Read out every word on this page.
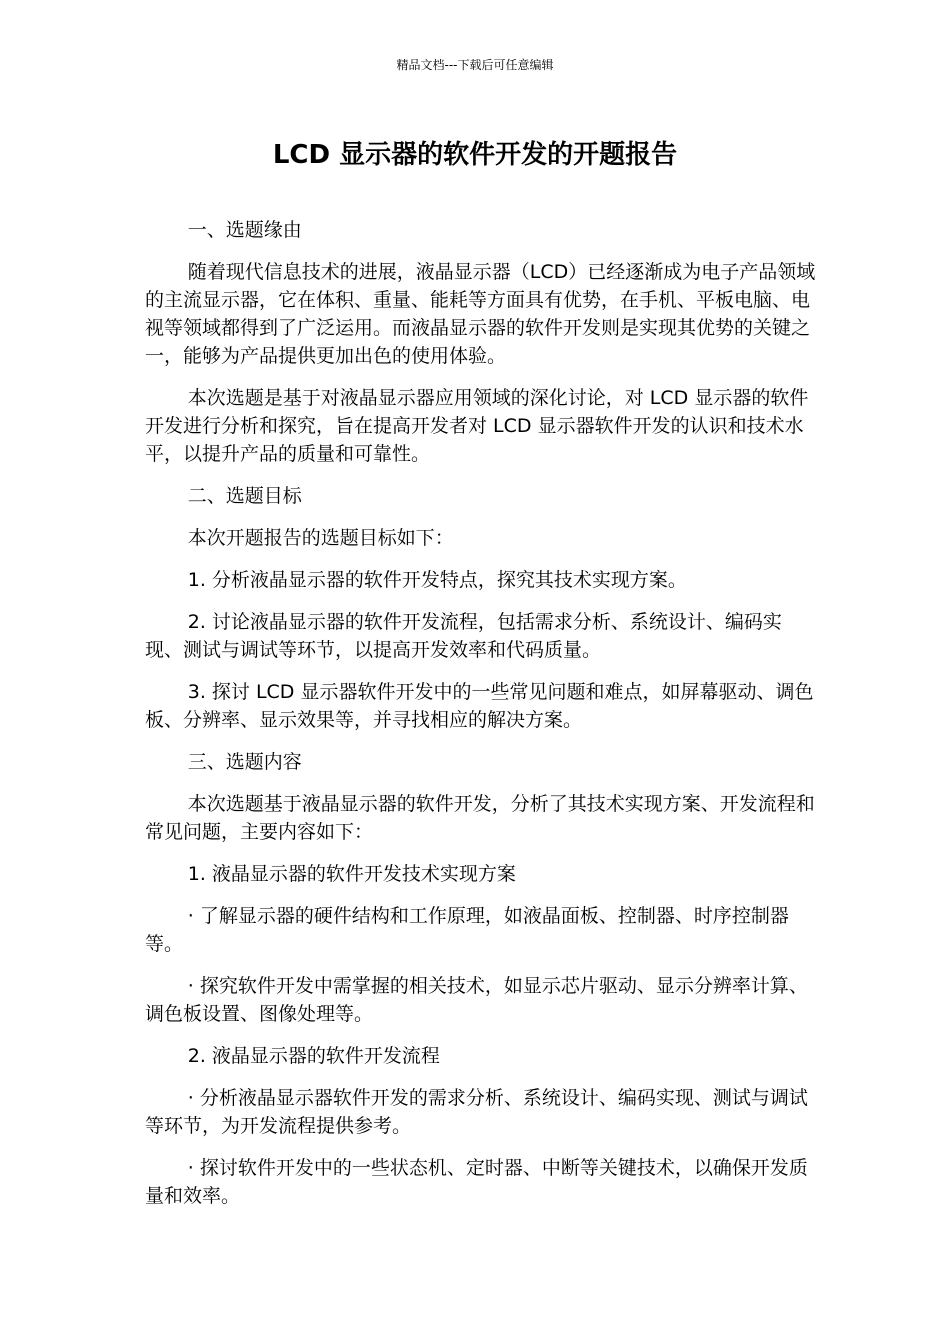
精品文档---下载后可任意编辑
LCD 显示器的软件开发的开题报告

一、选题缘由

随着现代信息技术的进展，液晶显示器（LCD）已经逐渐成为电子产品领域的主流显示器，它在体积、重量、能耗等方面具有优势，在手机、平板电脑、电视等领域都得到了广泛运用。而液晶显示器的软件开发则是实现其优势的关键之一，能够为产品提供更加出色的使用体验。

本次选题是基于对液晶显示器应用领域的深化讨论，对 LCD 显示器的软件开发进行分析和探究，旨在提高开发者对 LCD 显示器软件开发的认识和技术水平，以提升产品的质量和可靠性。

二、选题目标

本次开题报告的选题目标如下：

1. 分析液晶显示器的软件开发特点，探究其技术实现方案。

2. 讨论液晶显示器的软件开发流程，包括需求分析、系统设计、编码实现、测试与调试等环节，以提高开发效率和代码质量。

3. 探讨 LCD 显示器软件开发中的一些常见问题和难点，如屏幕驱动、调色板、分辨率、显示效果等，并寻找相应的解决方案。

三、选题内容

本次选题基于液晶显示器的软件开发，分析了其技术实现方案、开发流程和常见问题，主要内容如下：

1. 液晶显示器的软件开发技术实现方案

· 了解显示器的硬件结构和工作原理，如液晶面板、控制器、时序控制器等。

· 探究软件开发中需掌握的相关技术，如显示芯片驱动、显示分辨率计算、调色板设置、图像处理等。

2. 液晶显示器的软件开发流程

· 分析液晶显示器软件开发的需求分析、系统设计、编码实现、测试与调试等环节，为开发流程提供参考。

· 探讨软件开发中的一些状态机、定时器、中断等关键技术，以确保开发质量和效率。
